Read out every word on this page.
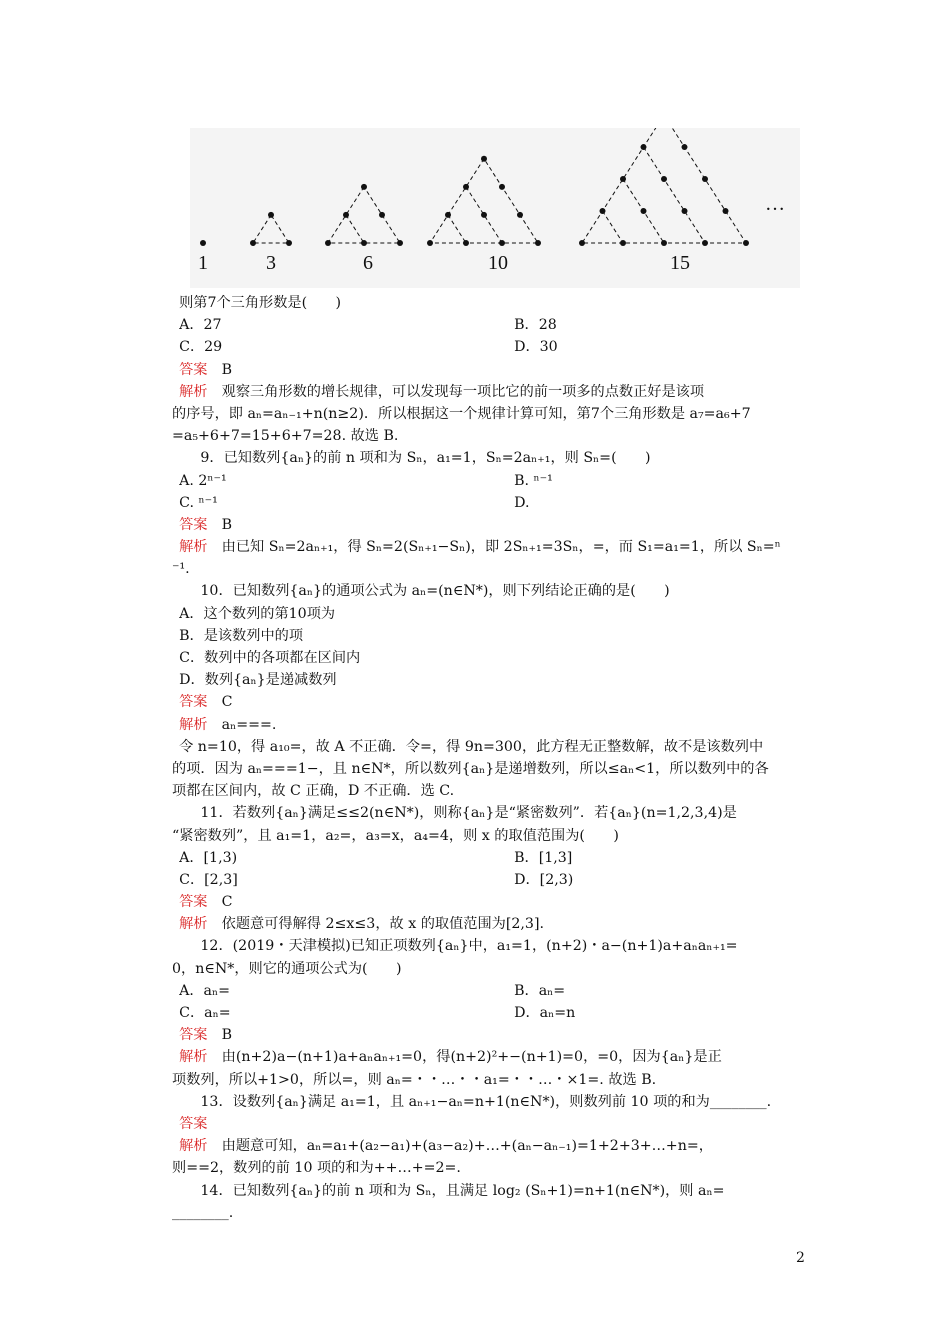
1	3	6	10	15
…
则第7个三角形数是(　　)
A．27	B．28
C．29	D．30
答案　B
解析　观察三角形数的增长规律，可以发现每一项比它的前一项多的点数正好是该项
的序号，即 aₙ=aₙ₋₁+n(n≥2)．所以根据这一个规律计算可知，第7个三角形数是 a₇=a₆+7
=a₅+6+7=15+6+7=28. 故选 B.
9．已知数列{aₙ}的前 n 项和为 Sₙ，a₁=1，Sₙ=2aₙ₊₁，则 Sₙ=(　　)
A. 2ⁿ⁻¹	B. ⁿ⁻¹
C. ⁿ⁻¹	D.
答案　B
解析　由已知 Sₙ=2aₙ₊₁，得 Sₙ=2(Sₙ₊₁−Sₙ)，即 2Sₙ₊₁=3Sₙ，=，而 S₁=a₁=1，所以 Sₙ=ⁿ
⁻¹.
10．已知数列{aₙ}的通项公式为 aₙ=(n∈N*)，则下列结论正确的是(　　)
A．这个数列的第10项为
B．是该数列中的项
C．数列中的各项都在区间内
D．数列{aₙ}是递减数列
答案　C
解析　aₙ===.
令 n=10，得 a₁₀=，故 A 不正确．令=，得 9n=300，此方程无正整数解，故不是该数列中
的项．因为 aₙ===1−，且 n∈N*，所以数列{aₙ}是递增数列，所以≤aₙ<1，所以数列中的各
项都在区间内，故 C 正确，D 不正确．选 C.
11．若数列{aₙ}满足≤≤2(n∈N*)，则称{aₙ}是“紧密数列”．若{aₙ}(n=1,2,3,4)是
“紧密数列”，且 a₁=1，a₂=，a₃=x，a₄=4，则 x 的取值范围为(　　)
A．[1,3)	B．[1,3]
C．[2,3]	D．[2,3)
答案　C
解析　依题意可得解得 2≤x≤3，故 x 的取值范围为[2,3].
12．(2019・天津模拟)已知正项数列{aₙ}中，a₁=1，(n+2)・a−(n+1)a+aₙaₙ₊₁=
0，n∈N*，则它的通项公式为(　　)
A．aₙ=	B．aₙ=
C．aₙ=	D．aₙ=n
答案　B
解析　由(n+2)a−(n+1)a+aₙaₙ₊₁=0，得(n+2)²+−(n+1)=0，=0，因为{aₙ}是正
项数列，所以+1>0，所以=，则 aₙ=・・…・・a₁=・・…・×1=. 故选 B.
13．设数列{aₙ}满足 a₁=1，且 aₙ₊₁−aₙ=n+1(n∈N*)，则数列前 10 项的和为________.
答案
解析　由题意可知，aₙ=a₁+(a₂−a₁)+(a₃−a₂)+…+(aₙ−aₙ₋₁)=1+2+3+…+n=，
则==2，数列的前 10 项的和为++…+=2=.
14．已知数列{aₙ}的前 n 项和为 Sₙ，且满足 log₂ (Sₙ+1)=n+1(n∈N*)，则 aₙ=
________.
2
